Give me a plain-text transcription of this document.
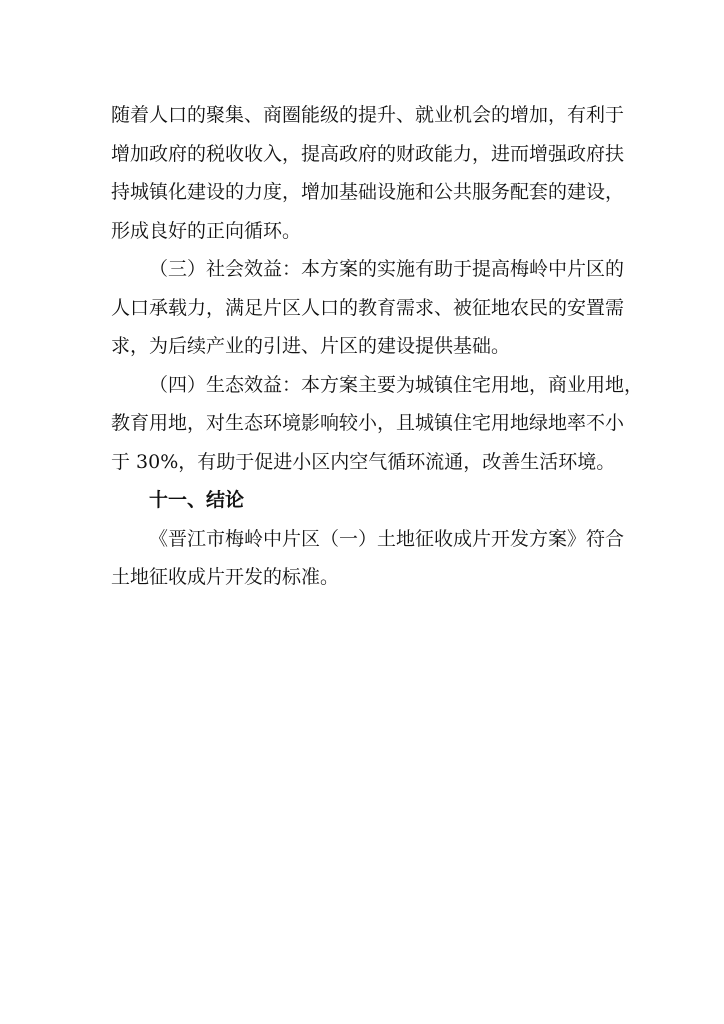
随着人口的聚集、商圈能级的提升、就业机会的增加，有利于
增加政府的税收收入，提高政府的财政能力，进而增强政府扶
持城镇化建设的力度，增加基础设施和公共服务配套的建设，
形成良好的正向循环。
（三）社会效益：本方案的实施有助于提高梅岭中片区的
人口承载力，满足片区人口的教育需求、被征地农民的安置需
求，为后续产业的引进、片区的建设提供基础。
（四）生态效益：本方案主要为城镇住宅用地，商业用地，
教育用地，对生态环境影响较小，且城镇住宅用地绿地率不小
于 30%，有助于促进小区内空气循环流通，改善生活环境。
十一、结论
《晋江市梅岭中片区（一）土地征收成片开发方案》符合
土地征收成片开发的标准。
